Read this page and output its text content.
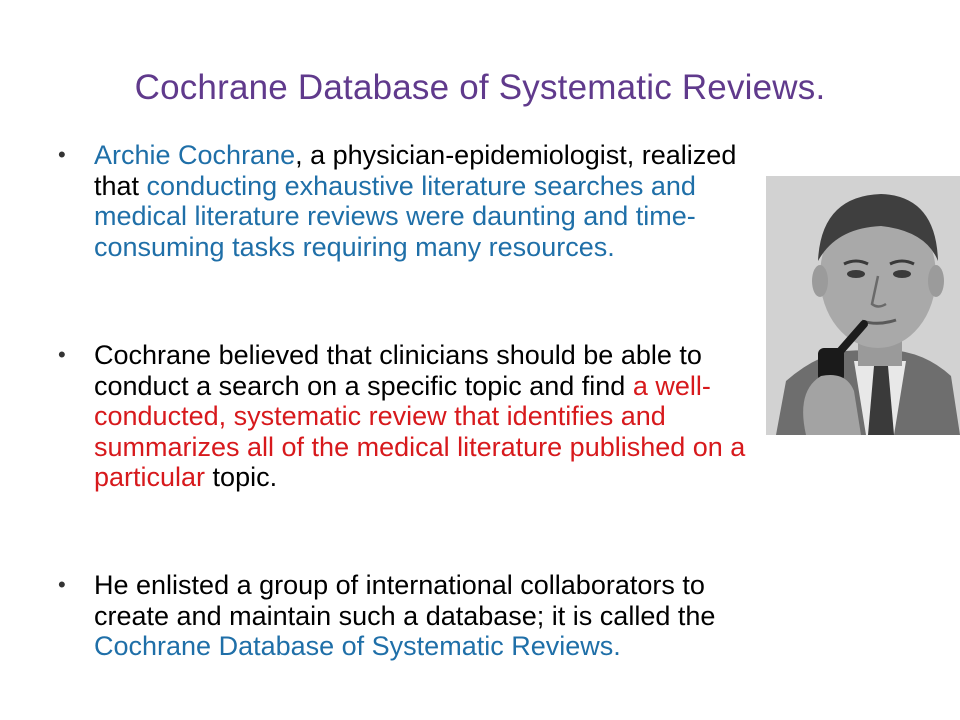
Cochrane Database of Systematic Reviews.
• Archie Cochrane, a physician-epidemiologist, realized that conducting exhaustive literature searches and medical literature reviews were daunting and time-consuming tasks requiring many resources.
• Cochrane believed that clinicians should be able to conduct a search on a specific topic and find a well-conducted, systematic review that identifies and summarizes all of the medical literature published on a particular topic.
• He enlisted a group of international collaborators to create and maintain such a database; it is called the Cochrane Database of Systematic Reviews.
